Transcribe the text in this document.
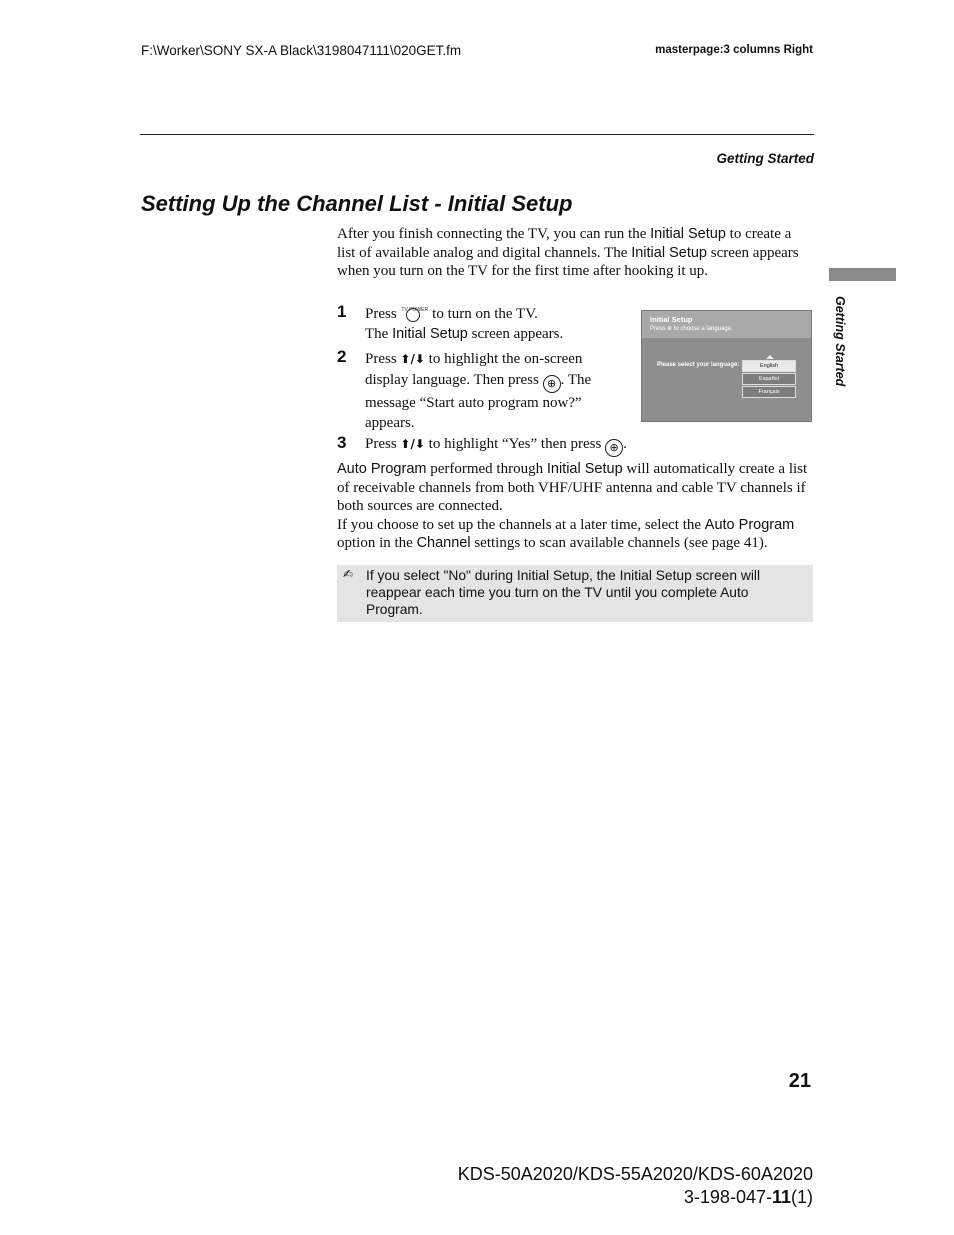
F:\Worker\SONY SX-A Black\3198047111\020GET.fm	masterpage:3 columns Right
Getting Started
Getting Started
Setting Up the Channel List - Initial Setup
After you finish connecting the TV, you can run the Initial Setup to create a list of available analog and digital channels. The Initial Setup screen appears when you turn on the TV for the first time after hooking it up.
1 Press TV POWER to turn on the TV.
The Initial Setup screen appears.
2 Press ⬆/⬇ to highlight the on-screen display language. Then press ⊕ . The message “Start auto program now?” appears.
3 Press ⬆/⬇ to highlight “Yes” then press ⊕ .
Initial Setup
Press ⊕ to choose a language.
Please select your language:	English
Español
Français
Auto Program performed through Initial Setup will automatically create a list of receivable channels from both VHF/UHF antenna and cable TV channels if both sources are connected.
If you choose to set up the channels at a later time, select the Auto Program
option in the Channel settings to scan available channels (see page 41).
✍ If you select "No" during Initial Setup, the Initial Setup screen will reappear each time you turn on the TV until you complete Auto Program.
21
KDS-50A2020/KDS-55A2020/KDS-60A2020
3-198-047-11(1)
